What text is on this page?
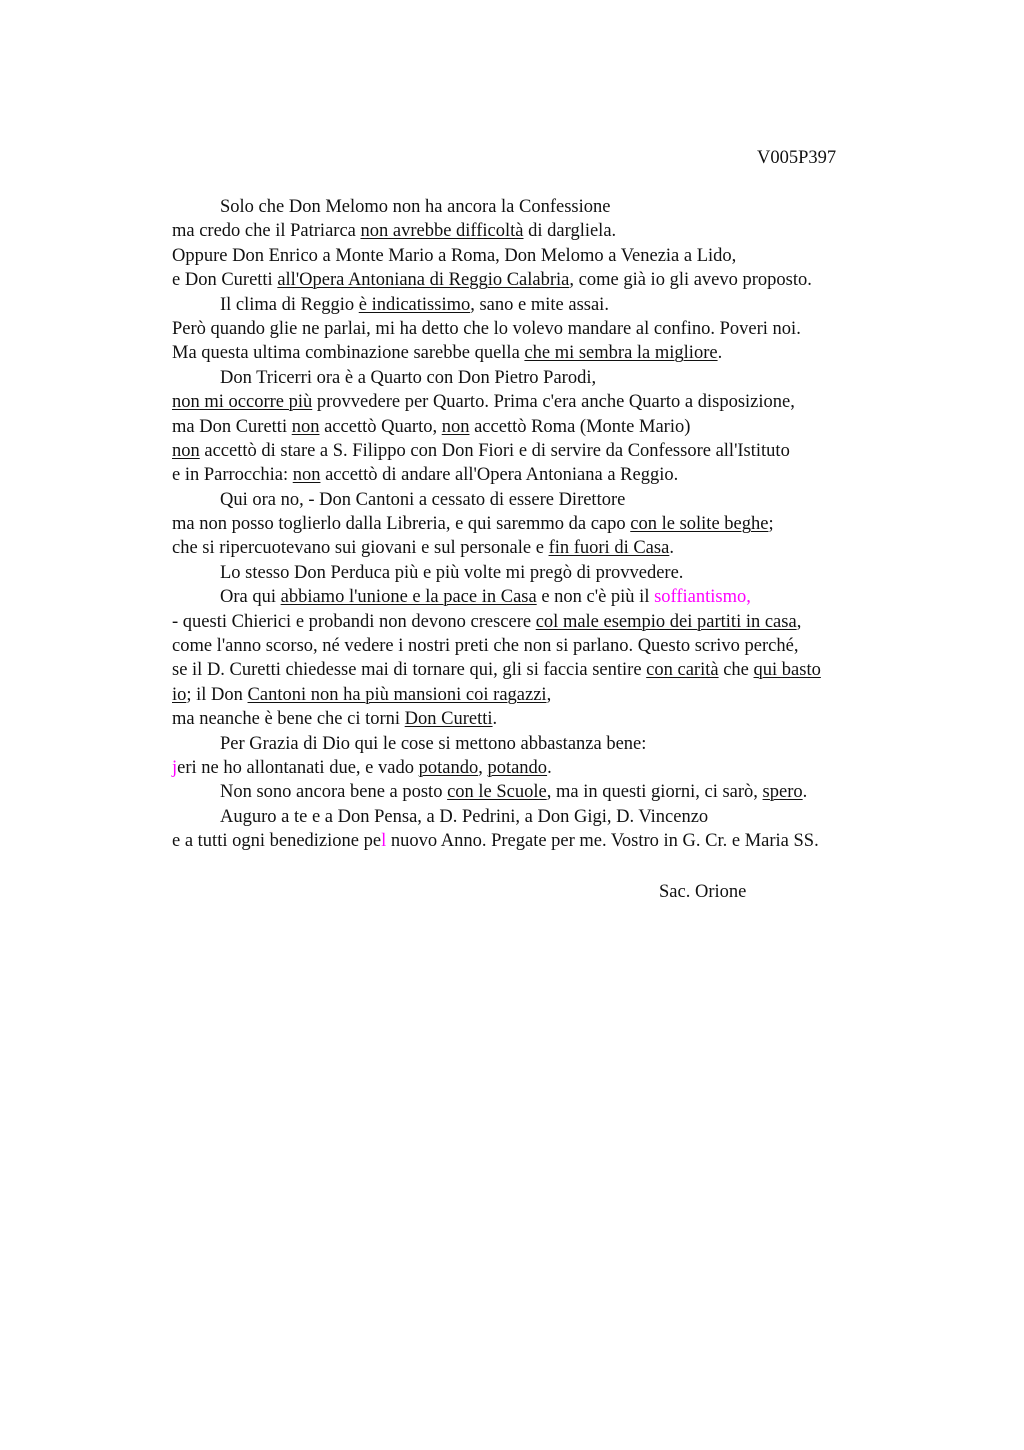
V005P397
Solo che Don Melomo non ha ancora la Confessione
ma credo che il Patriarca non avrebbe difficoltà di dargliela.
Oppure Don Enrico a Monte Mario a Roma, Don Melomo a Venezia a Lido,
e Don Curetti all'Opera Antoniana di Reggio Calabria, come già io gli avevo proposto.
Il clima di Reggio è indicatissimo, sano e mite assai.
Però quando glie ne parlai, mi ha detto che lo volevo mandare al confino. Poveri noi.
Ma questa ultima combinazione sarebbe quella che mi sembra la migliore.
Don Tricerri ora è a Quarto con Don Pietro Parodi,
non mi occorre più provvedere per Quarto. Prima c'era anche Quarto a disposizione,
ma Don Curetti non accettò Quarto, non accettò Roma (Monte Mario)
non accettò di stare a S. Filippo con Don Fiori e di servire da Confessore all'Istituto
e in Parrocchia: non accettò di andare all'Opera Antoniana a Reggio.
Qui ora no, - Don Cantoni a cessato di essere Direttore
ma non posso toglierlo dalla Libreria, e qui saremmo da capo con le solite beghe;
che si ripercuotevano sui giovani e sul personale e fin fuori di Casa.
Lo stesso Don Perduca più e più volte mi pregò di provvedere.
Ora qui abbiamo l'unione e la pace in Casa e non c'è più il soffiantismo,
- questi Chierici e probandi non devono crescere col male esempio dei partiti in casa,
come l'anno scorso, né vedere i nostri preti che non si parlano. Questo scrivo perché,
se il D. Curetti chiedesse mai di tornare qui, gli si faccia sentire con carità che qui basto
io; il Don Cantoni non ha più mansioni coi ragazzi,
ma neanche è bene che ci torni Don Curetti.
Per Grazia di Dio qui le cose si mettono abbastanza bene:
jeri ne ho allontanati due, e vado potando, potando.
Non sono ancora bene a posto con le Scuole, ma in questi giorni, ci sarò, spero.
Auguro a te e a Don Pensa, a D. Pedrini, a Don Gigi, D. Vincenzo
e a tutti ogni benedizione pel nuovo Anno. Pregate per me. Vostro in G. Cr. e Maria SS.
Sac. Orione
